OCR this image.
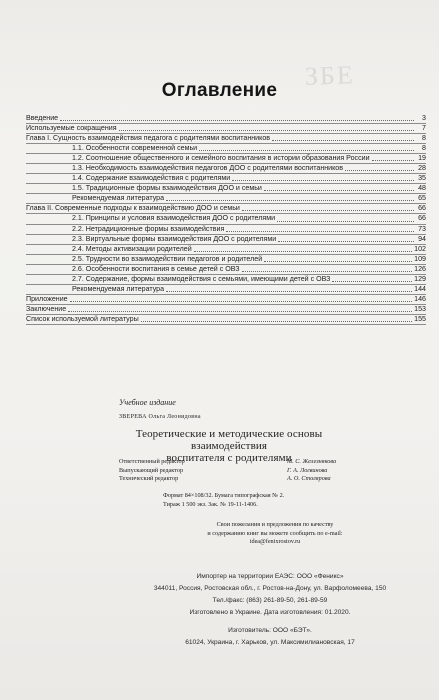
ЗБЕ
Оглавление
Введение	3
Используемые сокращения	7
Глава I. Сущность взаимодействия педагога с родителями воспитанников	8
1.1. Особенности современной семьи	8
1.2. Соотношение общественного и семейного воспитания в истории образования России	19
1.3. Необходимость взаимодействия педагогов ДОО с родителями воспитанников	28
1.4. Содержание взаимодействия с родителями	35
1.5. Традиционные формы взаимодействия ДОО и семьи	48
Рекомендуемая литература	65
Глава II. Современные подходы к взаимодействию ДОО и семьи	66
2.1. Принципы и условия взаимодействия ДОО с родителями	66
2.2. Нетрадиционные формы взаимодействия	73
2.3. Виртуальные формы взаимодействия ДОО с родителями	94
2.4. Методы активизации родителей	102
2.5. Трудности во взаимодействии педагогов и родителей	109
2.6. Особенности воспитания в семье детей с ОВЗ	126
2.7. Содержание, формы взаимодействия с семьями, имеющими детей с ОВЗ	129
Рекомендуемая литература	144
Приложение	146
Заключение	153
Список используемой литературы	155
Учебное издание
ЗВЕРЕВА Ольга Леонидовна
Теоретические и методические основы взаимодействия
воспитателя с родителями
Ответственный редактор	М. С. Железнякова
Выпускающий редактор	Г. А. Логвинова
Технический редактор	А. О. Столярова
Формат 84×108/32. Бумага типографская № 2.
Тираж 1 500 экз. Зак. № 19-11-1406.
Свои пожелания и предложения по качеству
и содержанию книг вы можете сообщить по e-mail:
idea@fenixrostov.ru
Импортер на территории ЕАЭС: ООО «Феникс»
344011, Россия, Ростовская обл., г. Ростов-на-Дону, ул. Варфоломеева, 150
Тел./факс: (863) 261-89-50, 261-89-59
Изготовлено в Украине. Дата изготовления: 01.2020.
Изготовитель: ООО «БЭТ».
61024, Украина, г. Харьков, ул. Максимилиановская, 17
